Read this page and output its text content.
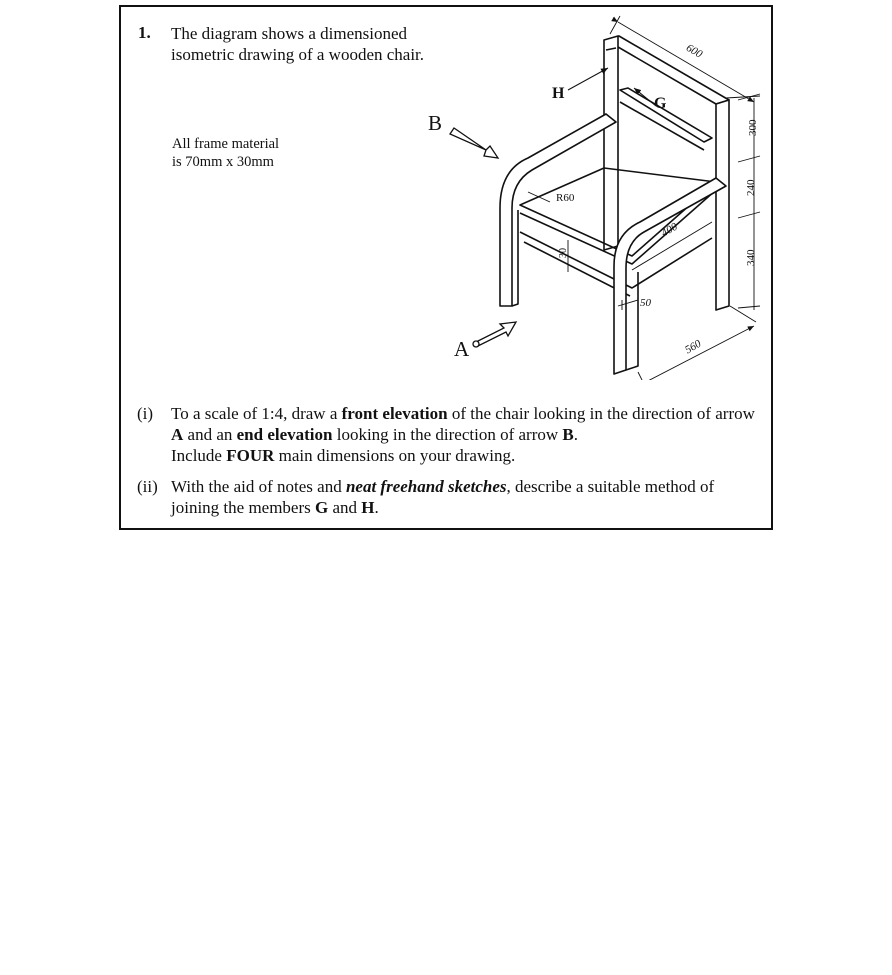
1. The diagram shows a dimensioned isometric drawing of a wooden chair.
All frame material
is 70mm x 30mm
B
A
H
G
600
300
240
340
560
400
50
30
R60
(i) To a scale of 1:4, draw a front elevation of the chair looking in the direction of arrow A and an end elevation looking in the direction of arrow B.
Include FOUR main dimensions on your drawing.
(ii) With the aid of notes and neat freehand sketches, describe a suitable method of joining the members G and H.
